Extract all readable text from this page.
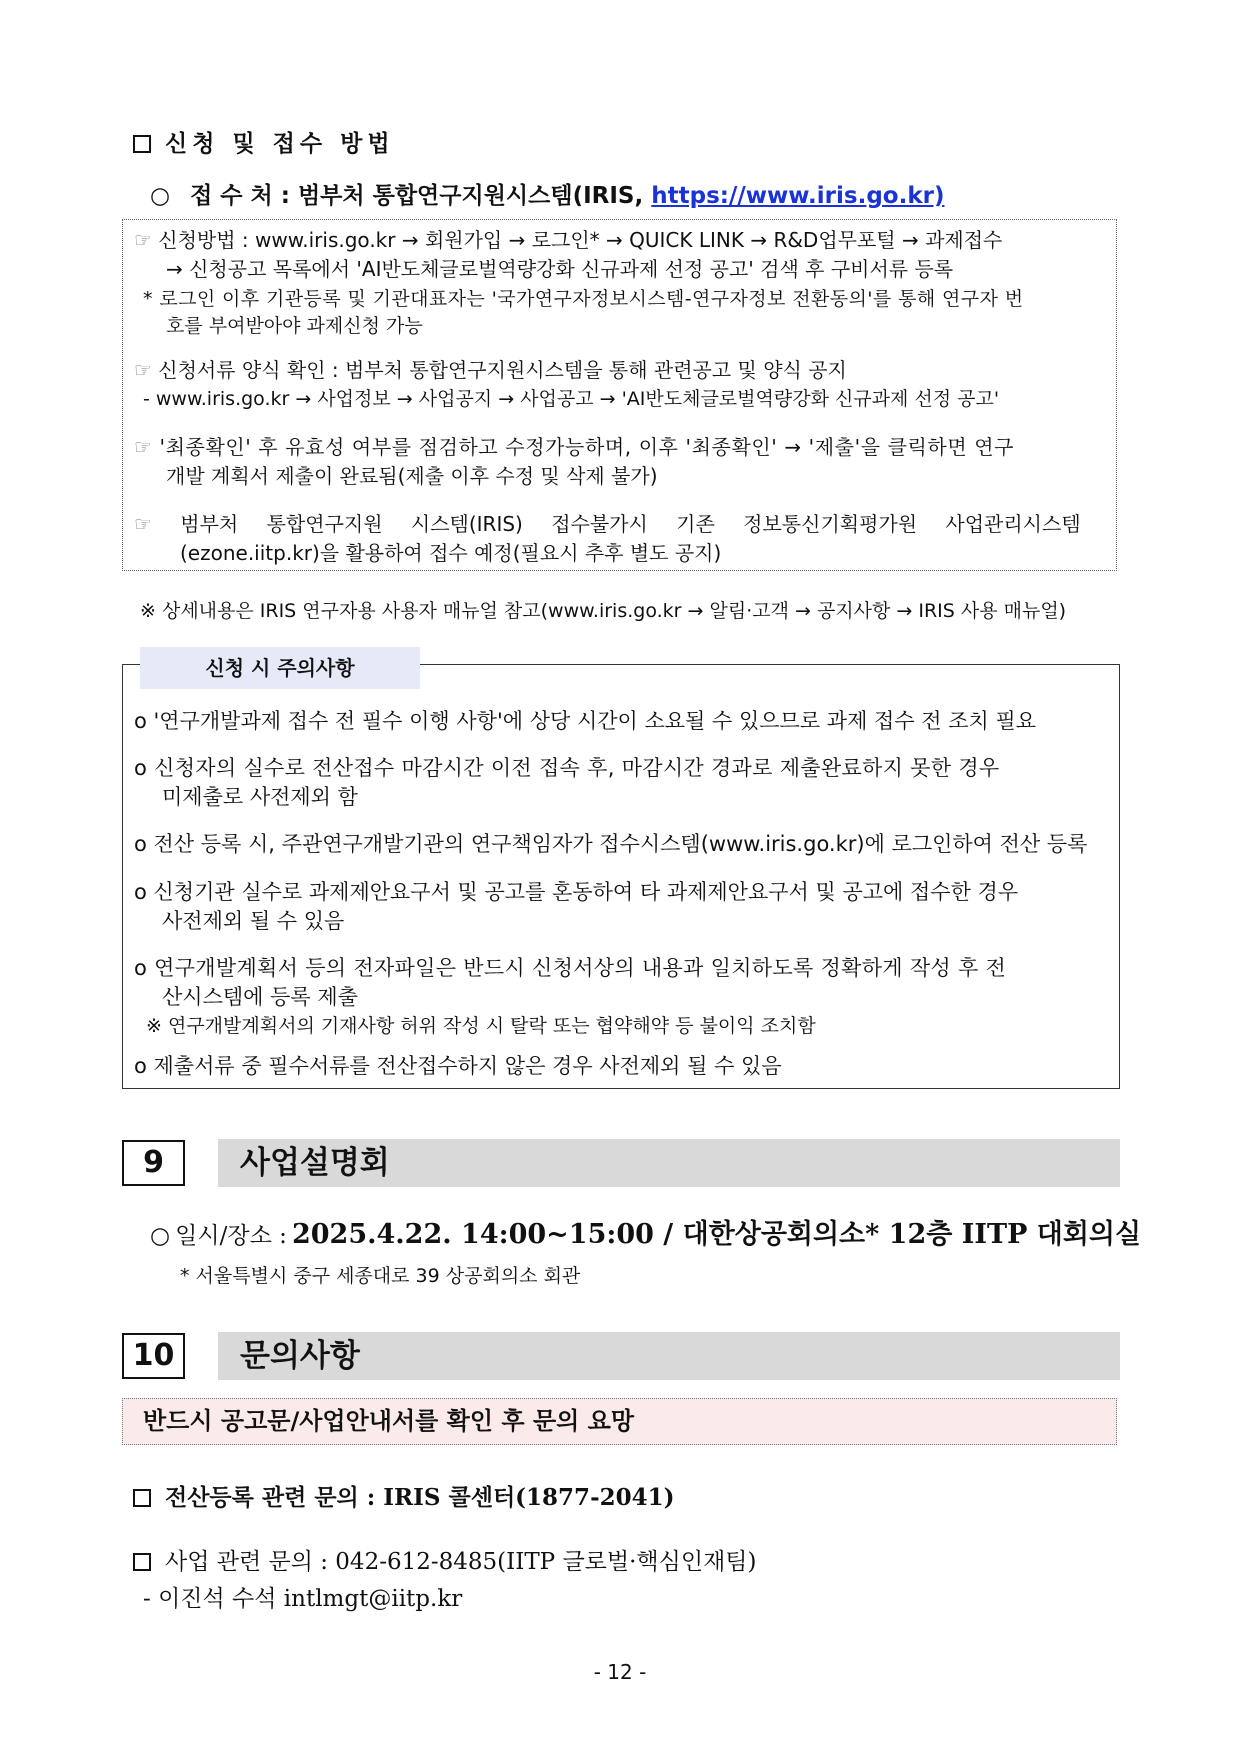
신청 및 접수 방법
○ 접 수 처 : 범부처 통합연구지원시스템(IRIS, https://www.iris.go.kr)
☞ 신청방법 : www.iris.go.kr → 회원가입 → 로그인* → QUICK LINK → R&D업무포털 → 과제접수
→ 신청공고 목록에서 'AI반도체글로벌역량강화 신규과제 선정 공고' 검색 후 구비서류 등록
* 로그인 이후 기관등록 및 기관대표자는 '국가연구자정보시스템-연구자정보 전환동의'를 통해 연구자 번
호를 부여받아야 과제신청 가능
☞ 신청서류 양식 확인 : 범부처 통합연구지원시스템을 통해 관련공고 및 양식 공지
- www.iris.go.kr → 사업정보 → 사업공지 → 사업공고 → 'AI반도체글로벌역량강화 신규과제 선정 공고'
☞ '최종확인' 후 유효성 여부를 점검하고 수정가능하며, 이후 '최종확인' → '제출'을 클릭하면 연구
개발 계획서 제출이 완료됨(제출 이후 수정 및 삭제 불가)
☞ 범부처 통합연구지원 시스템(IRIS) 접수불가시 기존 정보통신기획평가원 사업관리시스템
(ezone.iitp.kr)을 활용하여 접수 예정(필요시 추후 별도 공지)
※ 상세내용은 IRIS 연구자용 사용자 매뉴얼 참고(www.iris.go.kr → 알림·고객 → 공지사항 → IRIS 사용 매뉴얼)
신청 시 주의사항
o '연구개발과제 접수 전 필수 이행 사항'에 상당 시간이 소요될 수 있으므로 과제 접수 전 조치 필요
o 신청자의 실수로 전산접수 마감시간 이전 접속 후, 마감시간 경과로 제출완료하지 못한 경우
미제출로 사전제외 함
o 전산 등록 시, 주관연구개발기관의 연구책임자가 접수시스템(www.iris.go.kr)에 로그인하여 전산 등록
o 신청기관 실수로 과제제안요구서 및 공고를 혼동하여 타 과제제안요구서 및 공고에 접수한 경우
사전제외 될 수 있음
o 연구개발계획서 등의 전자파일은 반드시 신청서상의 내용과 일치하도록 정확하게 작성 후 전
산시스템에 등록 제출
※ 연구개발계획서의 기재사항 허위 작성 시 탈락 또는 협약해약 등 불이익 조치함
o 제출서류 중 필수서류를 전산접수하지 않은 경우 사전제외 될 수 있음
9	사업설명회
○ 일시/장소 : 2025.4.22. 14:00~15:00 / 대한상공회의소* 12층 IITP 대회의실
* 서울특별시 중구 세종대로 39 상공회의소 회관
10	문의사항
반드시 공고문/사업안내서를 확인 후 문의 요망
전산등록 관련 문의 : IRIS 콜센터(1877-2041)
사업 관련 문의 : 042-612-8485(IITP 글로벌·핵심인재팀)
- 이진석 수석 intlmgt@iitp.kr
- 12 -
